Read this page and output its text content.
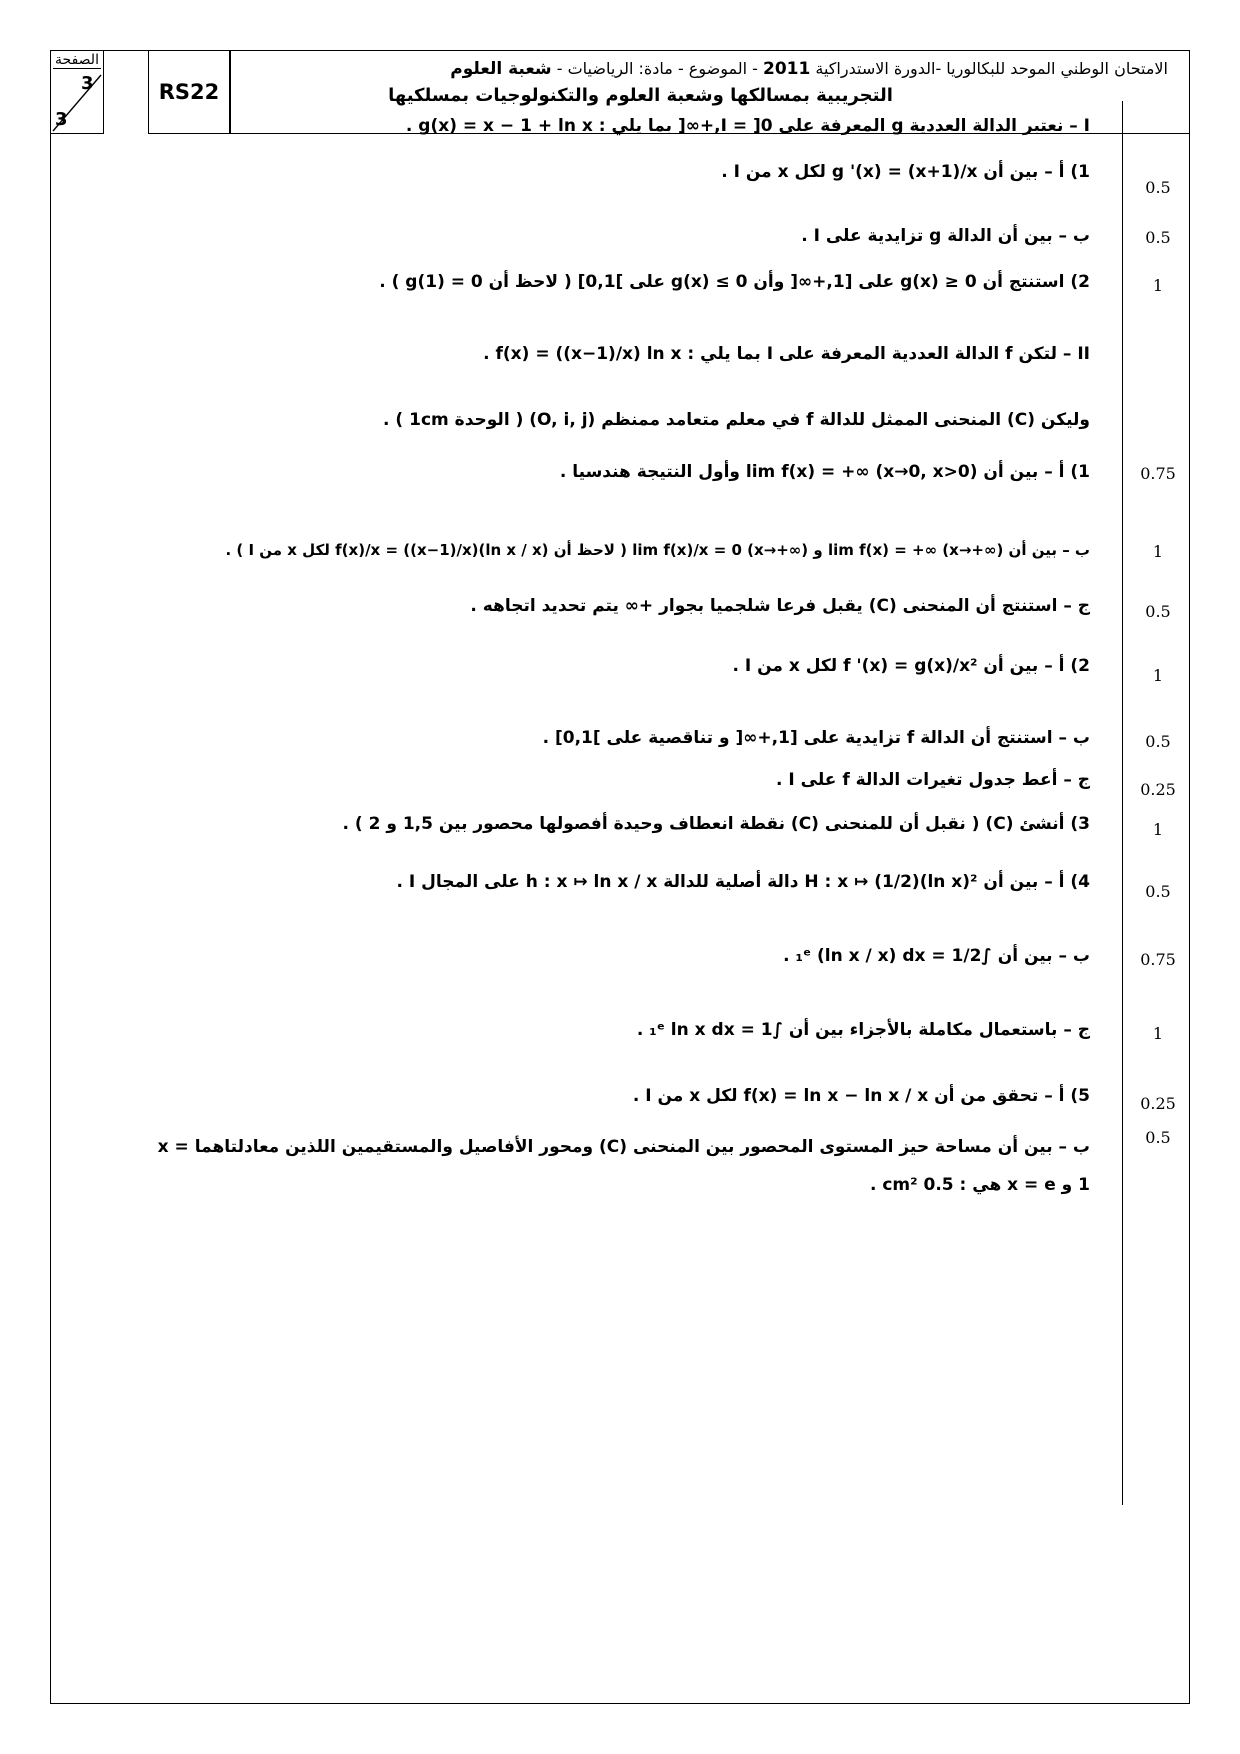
الصفحة
3
3
RS22
الامتحان الوطني الموحد للبكالوريا -الدورة الاستدراكية 2011 - الموضوع - مادة: الرياضيات - شعبة العلوم
التجريبية بمسالكها وشعبة العلوم والتكنولوجيات بمسلكيها
I – نعتبر الدالة العددية g المعرفة على I = ]0,+∞[ بما يلي : g(x) = x − 1 + ln x .
0.5
1) أ – بين أن g '(x) = (x+1)/x لكل x من I .
0.5
ب – بين أن الدالة g تزايدية على I .
1
2) استنتج أن g(x) ≥ 0 على [1,+∞[ وأن g(x) ≤ 0 على ]0,1] ( لاحظ أن g(1) = 0 ) .
II – لتكن f الدالة العددية المعرفة على I بما يلي : f(x) = ((x−1)/x) ln x .
وليكن (C) المنحنى الممثل للدالة f في معلم متعامد ممنظم (O, i, j) ( الوحدة 1cm ) .
0.75
1) أ – بين أن lim f(x) = +∞ (x→0, x>0) وأول النتيجة هندسيا .
1
ب – بين أن lim f(x) = +∞ (x→+∞) و lim f(x)/x = 0 (x→+∞) ( لاحظ أن f(x)/x = ((x−1)/x)(ln x / x) لكل x من I ) .
0.5
ج – استنتج أن المنحنى (C) يقبل فرعا شلجميا بجوار +∞ يتم تحديد اتجاهه .
1
2) أ – بين أن f '(x) = g(x)/x² لكل x من I .
0.5
ب – استنتج أن الدالة f تزايدية على [1,+∞[ و تناقصية على ]0,1] .
0.25
ج – أعط جدول تغيرات الدالة f على I .
1
3) أنشئ (C) ( نقبل أن للمنحنى (C) نقطة انعطاف وحيدة أفصولها محصور بين 1,5 و 2 ) .
0.5
4) أ – بين أن H : x ↦ (1/2)(ln x)² دالة أصلية للدالة h : x ↦ ln x / x على المجال I .
0.75
ب – بين أن ∫₁ᵉ (ln x / x) dx = 1/2 .
1
ج – باستعمال مكاملة بالأجزاء بين أن ∫₁ᵉ ln x dx = 1 .
0.25
5) أ – تحقق من أن f(x) = ln x − ln x / x لكل x من I .
0.5
ب – بين أن مساحة حيز المستوى المحصور بين المنحنى (C) ومحور الأفاصيل والمستقيمين اللذين معادلتاهما x = 1 و x = e هي : 0.5 cm² .
